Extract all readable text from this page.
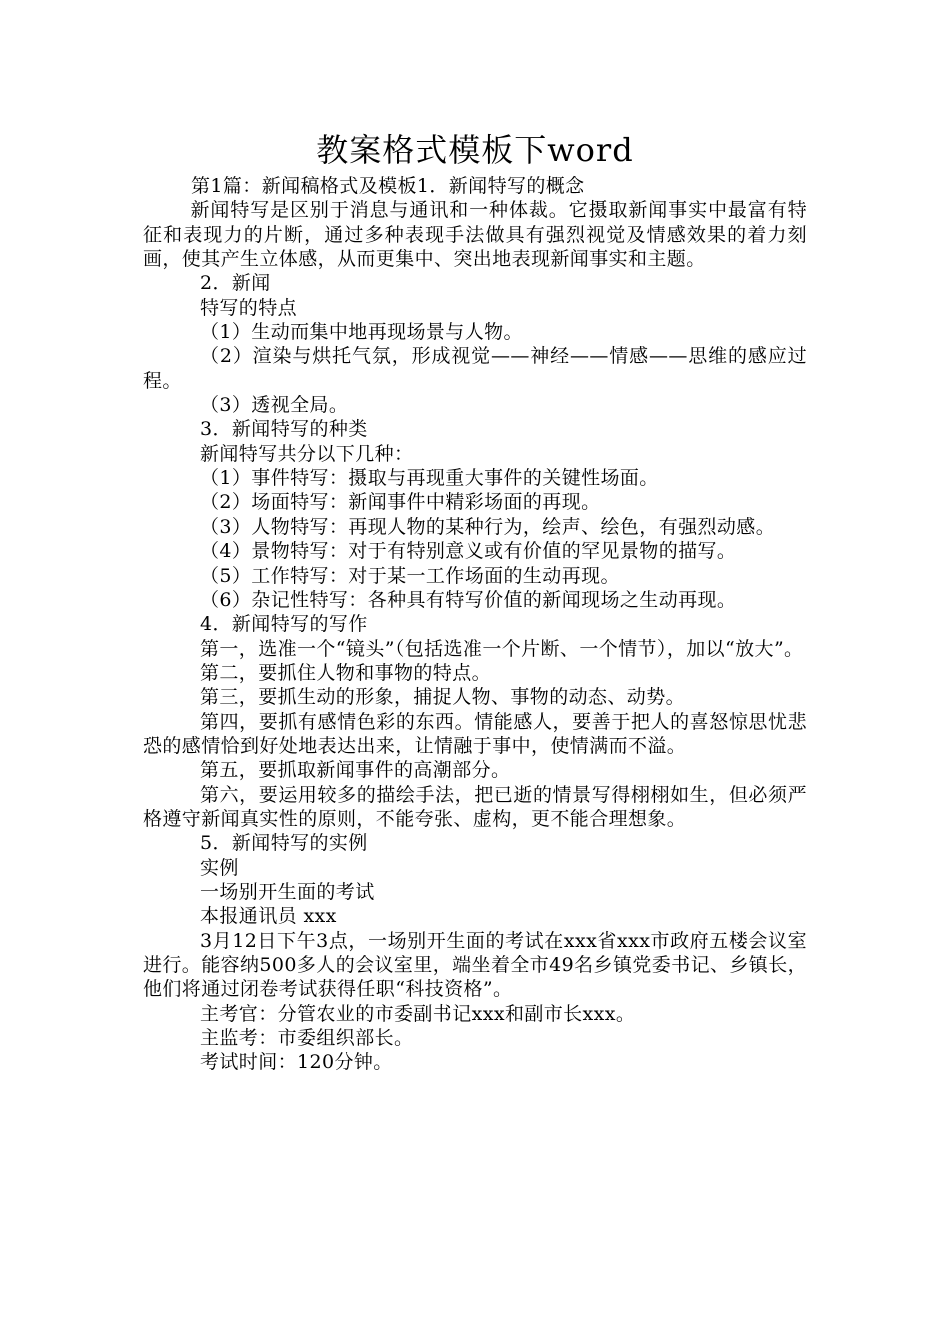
教案格式模板下word

第1篇：新闻稿格式及模板1．新闻特写的概念

新闻特写是区别于消息与通讯和一种体裁。它摄取新闻事实中最富有特征和表现力的片断，通过多种表现手法做具有强烈视觉及情感效果的着力刻画，使其产生立体感，从而更集中、突出地表现新闻事实和主题。

2．新闻

特写的特点

（1）生动而集中地再现场景与人物。

（2）渲染与烘托气氛，形成视觉——神经——情感——思维的感应过程。

（3）透视全局。

3．新闻特写的种类

新闻特写共分以下几种：

（1）事件特写：摄取与再现重大事件的关键性场面。

（2）场面特写：新闻事件中精彩场面的再现。

（3）人物特写：再现人物的某种行为，绘声、绘色，有强烈动感。

（4）景物特写：对于有特别意义或有价值的罕见景物的描写。

（5）工作特写：对于某一工作场面的生动再现。

（6）杂记性特写：各种具有特写价值的新闻现场之生动再现。

4．新闻特写的写作

第一，选准一个“镜头”（包括选准一个片断、一个情节），加以“放大”。

第二，要抓住人物和事物的特点。

第三，要抓生动的形象，捕捉人物、事物的动态、动势。

第四，要抓有感情色彩的东西。情能感人，要善于把人的喜怒惊思忧悲恐的感情恰到好处地表达出来，让情融于事中，使情满而不溢。

第五，要抓取新闻事件的高潮部分。

第六，要运用较多的描绘手法，把已逝的情景写得栩栩如生，但必须严格遵守新闻真实性的原则，不能夸张、虚构，更不能合理想象。

5．新闻特写的实例

实例

一场别开生面的考试

本报通讯员 xxx

3月12日下午3点，一场别开生面的考试在xxx省xxx市政府五楼会议室进行。能容纳500多人的会议室里，端坐着全市49名乡镇党委书记、乡镇长，他们将通过闭卷考试获得任职“科技资格”。

主考官：分管农业的市委副书记xxx和副市长xxx。

主监考：市委组织部长。

考试时间：120分钟。
